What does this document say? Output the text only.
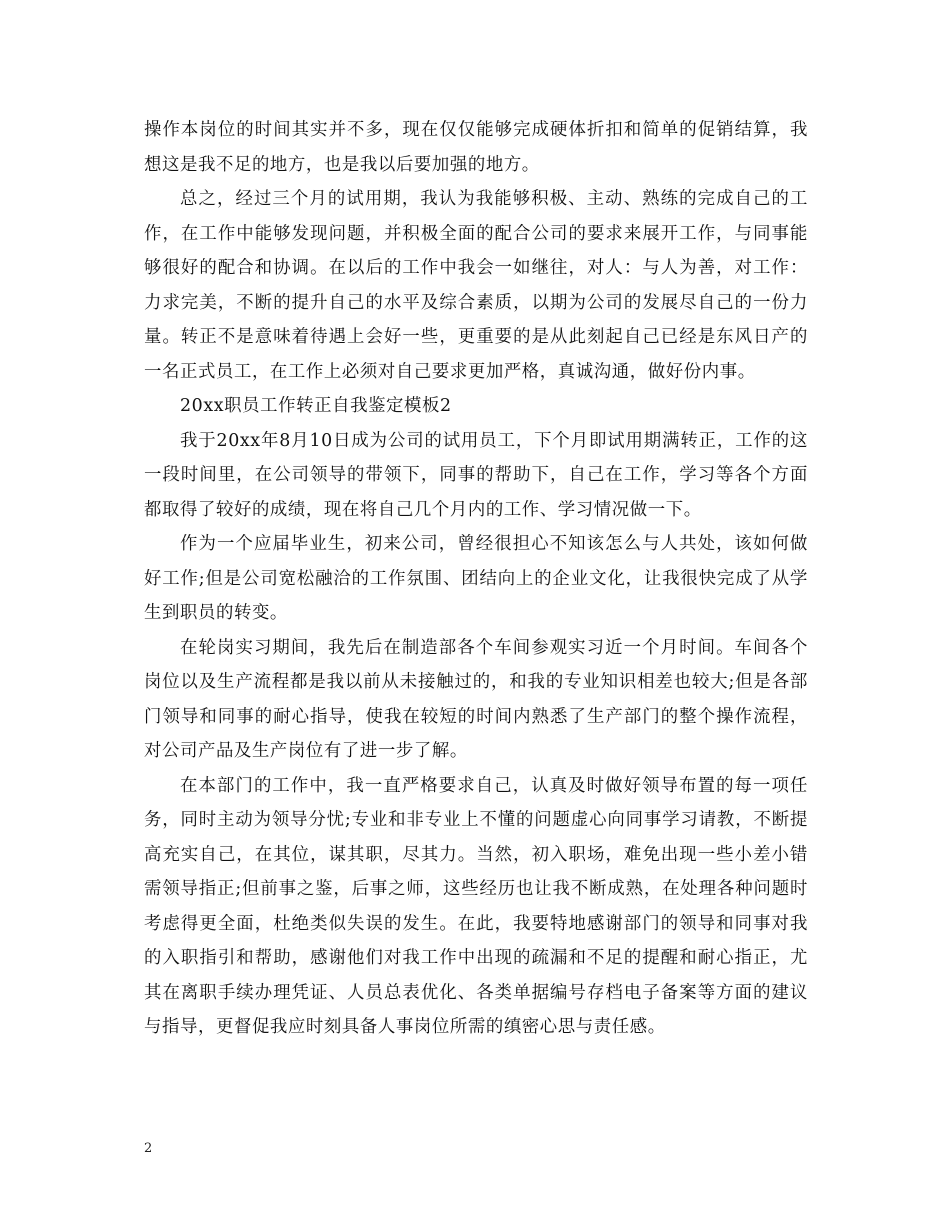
操作本岗位的时间其实并不多，现在仅仅能够完成硬体折扣和简单的促销结算，我想这是我不足的地方，也是我以后要加强的地方。

总之，经过三个月的试用期，我认为我能够积极、主动、熟练的完成自己的工作，在工作中能够发现问题，并积极全面的配合公司的要求来展开工作，与同事能够很好的配合和协调。在以后的工作中我会一如继往，对人：与人为善，对工作：力求完美，不断的提升自己的水平及综合素质，以期为公司的发展尽自己的一份力量。转正不是意味着待遇上会好一些，更重要的是从此刻起自己已经是东风日产的一名正式员工，在工作上必须对自己要求更加严格，真诚沟通，做好份内事。

20xx职员工作转正自我鉴定模板2

我于20xx年8月10日成为公司的试用员工，下个月即试用期满转正，工作的这一段时间里，在公司领导的带领下，同事的帮助下，自己在工作，学习等各个方面都取得了较好的成绩，现在将自己几个月内的工作、学习情况做一下。

作为一个应届毕业生，初来公司，曾经很担心不知该怎么与人共处，该如何做好工作;但是公司宽松融洽的工作氛围、团结向上的企业文化，让我很快完成了从学生到职员的转变。

在轮岗实习期间，我先后在制造部各个车间参观实习近一个月时间。车间各个岗位以及生产流程都是我以前从未接触过的，和我的专业知识相差也较大;但是各部门领导和同事的耐心指导，使我在较短的时间内熟悉了生产部门的整个操作流程，对公司产品及生产岗位有了进一步了解。

在本部门的工作中，我一直严格要求自己，认真及时做好领导布置的每一项任务，同时主动为领导分忧;专业和非专业上不懂的问题虚心向同事学习请教，不断提高充实自己，在其位，谋其职，尽其力。当然，初入职场，难免出现一些小差小错需领导指正;但前事之鉴，后事之师，这些经历也让我不断成熟，在处理各种问题时考虑得更全面，杜绝类似失误的发生。在此，我要特地感谢部门的领导和同事对我的入职指引和帮助，感谢他们对我工作中出现的疏漏和不足的提醒和耐心指正，尤其在离职手续办理凭证、人员总表优化、各类单据编号存档电子备案等方面的建议与指导，更督促我应时刻具备人事岗位所需的缜密心思与责任感。

2
